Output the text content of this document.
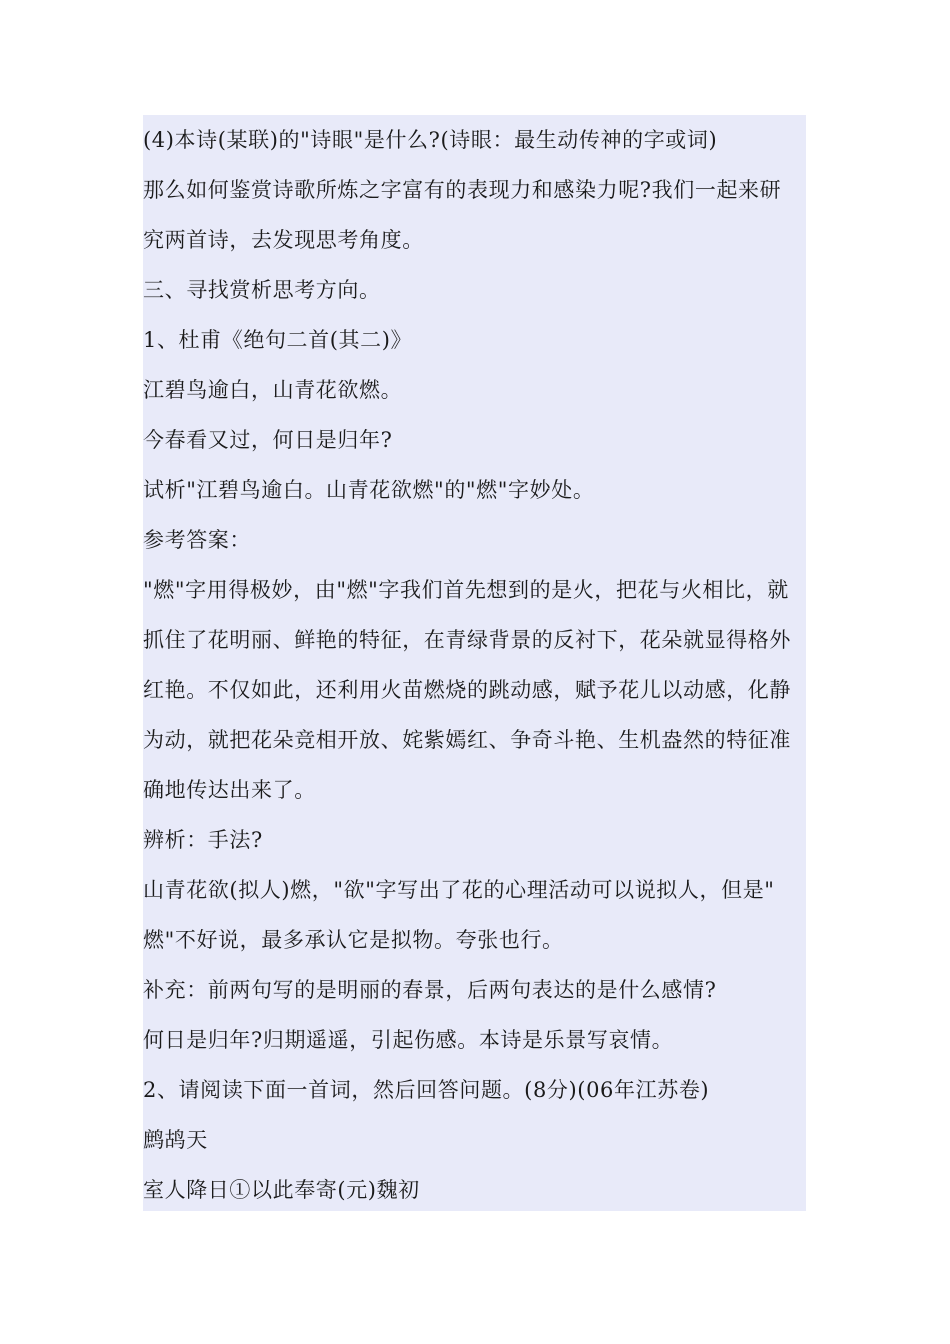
(4)本诗(某联)的"诗眼"是什么?(诗眼：最生动传神的字或词)
那么如何鉴赏诗歌所炼之字富有的表现力和感染力呢?我们一起来研
究两首诗，去发现思考角度。
三、寻找赏析思考方向。
1、杜甫《绝句二首(其二)》
江碧鸟逾白，山青花欲燃。
今春看又过，何日是归年?
试析"江碧鸟逾白。山青花欲燃"的"燃"字妙处。
参考答案：
"燃"字用得极妙，由"燃"字我们首先想到的是火，把花与火相比，就
抓住了花明丽、鲜艳的特征，在青绿背景的反衬下，花朵就显得格外
红艳。不仅如此，还利用火苗燃烧的跳动感，赋予花儿以动感，化静
为动，就把花朵竞相开放、姹紫嫣红、争奇斗艳、生机盎然的特征准
确地传达出来了。
辨析：手法?
山青花欲(拟人)燃，"欲"字写出了花的心理活动可以说拟人，但是"
燃"不好说，最多承认它是拟物。夸张也行。
补充：前两句写的是明丽的春景，后两句表达的是什么感情?
何日是归年?归期遥遥，引起伤感。本诗是乐景写哀情。
2、请阅读下面一首词，然后回答问题。(8分)(06年江苏卷)
鹧鸪天
室人降日①以此奉寄(元)魏初
